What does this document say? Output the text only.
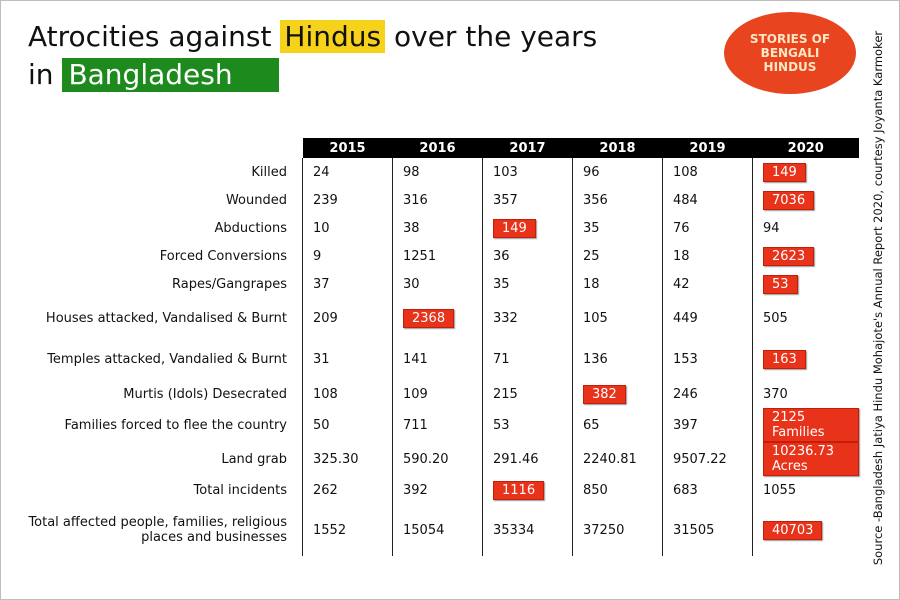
Atrocities against Hindus over the years
in Bangladesh
STORIES OF BENGALI HINDUS	Source -Bangladesh Jatiya Hindu Mohajote's Annual Report 2020, courtesy Joyanta Karmoker
	2015	2016	2017	2018	2019	2020
Killed	24	98	103	96	108	149
Wounded	239	316	357	356	484	7036
Abductions	10	38	149	35	76	94
Forced Conversions	9	1251	36	25	18	2623
Rapes/Gangrapes	37	30	35	18	42	53
Houses attacked, Vandalised & Burnt	209	2368	332	105	449	505
Temples attacked, Vandalied & Burnt	31	141	71	136	153	163
Murtis (Idols) Desecrated	108	109	215	382	246	370
Families forced to flee the country	50	711	53	65	397	2125 Families
Land grab	325.30	590.20	291.46	2240.81	9507.22	10236.73 Acres
Total incidents	262	392	1116	850	683	1055
Total affected people, families, religious places and businesses	1552	15054	35334	37250	31505	40703
